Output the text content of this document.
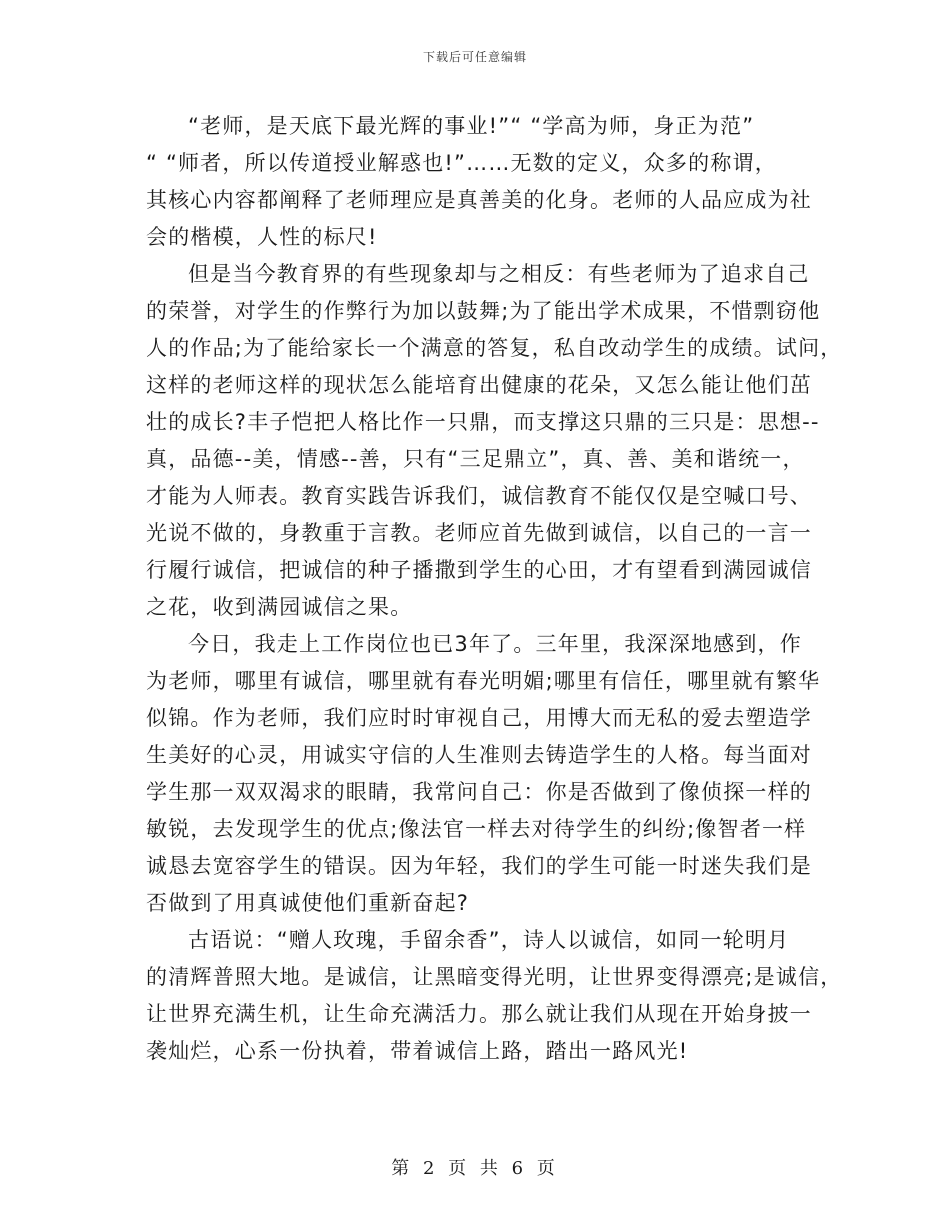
下载后可任意编辑
“老师，是天底下最光辉的事业!”“ “学高为师，身正为范”
“ “师者，所以传道授业解惑也!”……无数的定义，众多的称谓，
其核心内容都阐释了老师理应是真善美的化身。老师的人品应成为社
会的楷模，人性的标尺!
但是当今教育界的有些现象却与之相反：有些老师为了追求自己
的荣誉，对学生的作弊行为加以鼓舞;为了能出学术成果，不惜剽窃他
人的作品;为了能给家长一个满意的答复，私自改动学生的成绩。试问，
这样的老师这样的现状怎么能培育出健康的花朵，又怎么能让他们茁
壮的成长?丰子恺把人格比作一只鼎，而支撑这只鼎的三只是：思想--
真，品德--美，情感--善，只有“三足鼎立”，真、善、美和谐统一，
才能为人师表。教育实践告诉我们，诚信教育不能仅仅是空喊口号、
光说不做的，身教重于言教。老师应首先做到诚信，以自己的一言一
行履行诚信，把诚信的种子播撒到学生的心田，才有望看到满园诚信
之花，收到满园诚信之果。
今日，我走上工作岗位也已3年了。三年里，我深深地感到，作
为老师，哪里有诚信，哪里就有春光明媚;哪里有信任，哪里就有繁华
似锦。作为老师，我们应时时审视自己，用博大而无私的爱去塑造学
生美好的心灵，用诚实守信的人生准则去铸造学生的人格。每当面对
学生那一双双渴求的眼睛，我常问自己：你是否做到了像侦探一样的
敏锐，去发现学生的优点;像法官一样去对待学生的纠纷;像智者一样
诚恳去宽容学生的错误。因为年轻，我们的学生可能一时迷失我们是
否做到了用真诚使他们重新奋起?
古语说：“赠人玫瑰，手留余香”，诗人以诚信，如同一轮明月
的清辉普照大地。是诚信，让黑暗变得光明，让世界变得漂亮;是诚信，
让世界充满生机，让生命充满活力。那么就让我们从现在开始身披一
袭灿烂，心系一份执着，带着诚信上路，踏出一路风光!
第 2 页 共 6 页
